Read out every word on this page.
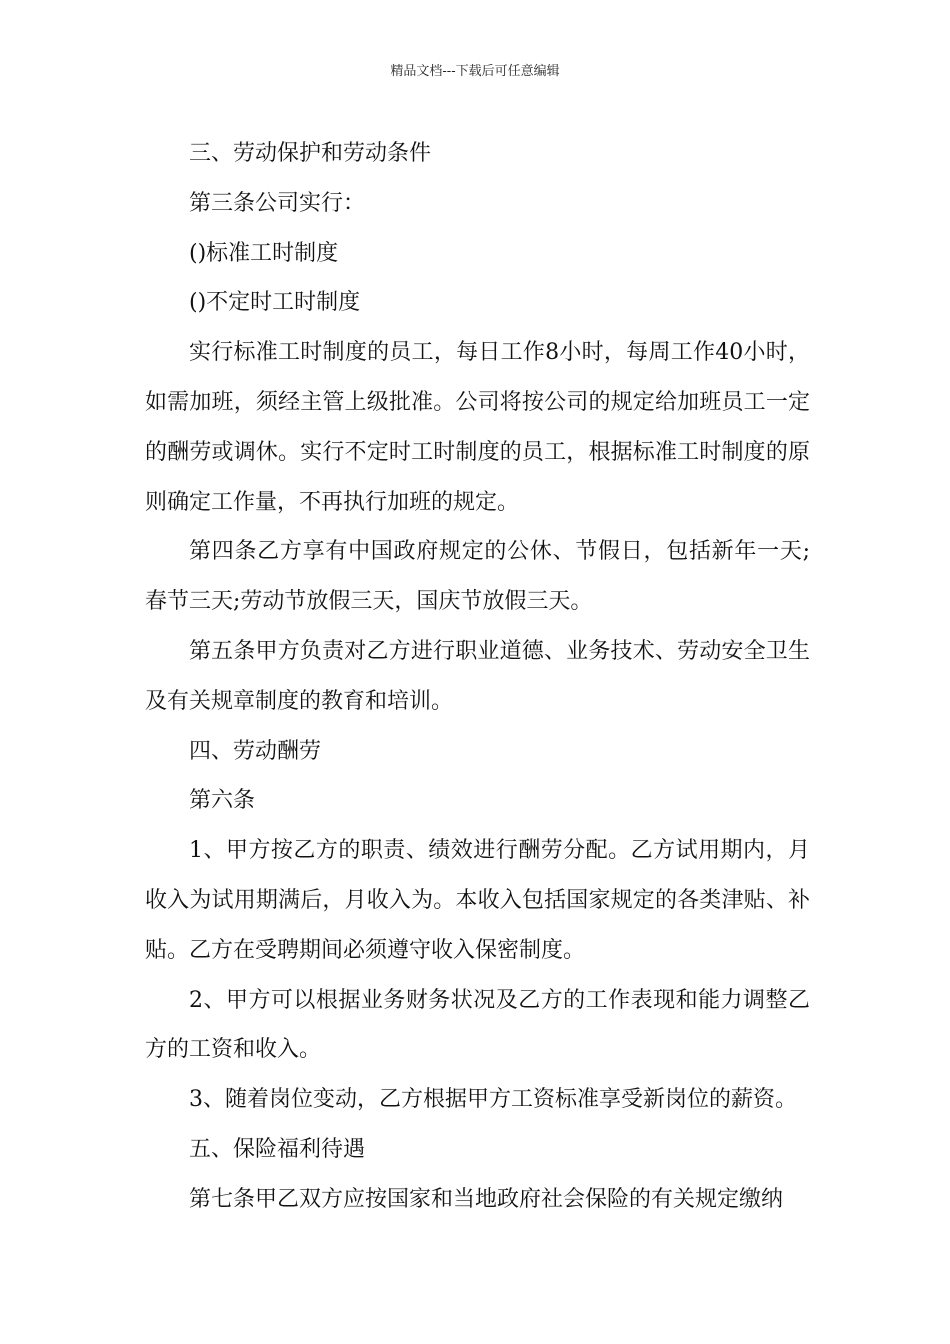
精品文档---下载后可任意编辑

三、劳动保护和劳动条件

第三条公司实行：

()标准工时制度

()不定时工时制度

实行标准工时制度的员工，每日工作8小时，每周工作40小时，如需加班，须经主管上级批准。公司将按公司的规定给加班员工一定的酬劳或调休。实行不定时工时制度的员工，根据标准工时制度的原则确定工作量，不再执行加班的规定。

第四条乙方享有中国政府规定的公休、节假日，包括新年一天;春节三天;劳动节放假三天，国庆节放假三天。

第五条甲方负责对乙方进行职业道德、业务技术、劳动安全卫生及有关规章制度的教育和培训。

四、劳动酬劳

第六条

1、甲方按乙方的职责、绩效进行酬劳分配。乙方试用期内，月收入为试用期满后，月收入为。本收入包括国家规定的各类津贴、补贴。乙方在受聘期间必须遵守收入保密制度。

2、甲方可以根据业务财务状况及乙方的工作表现和能力调整乙方的工资和收入。

3、随着岗位变动，乙方根据甲方工资标准享受新岗位的薪资。

五、保险福利待遇

第七条甲乙双方应按国家和当地政府社会保险的有关规定缴纳
